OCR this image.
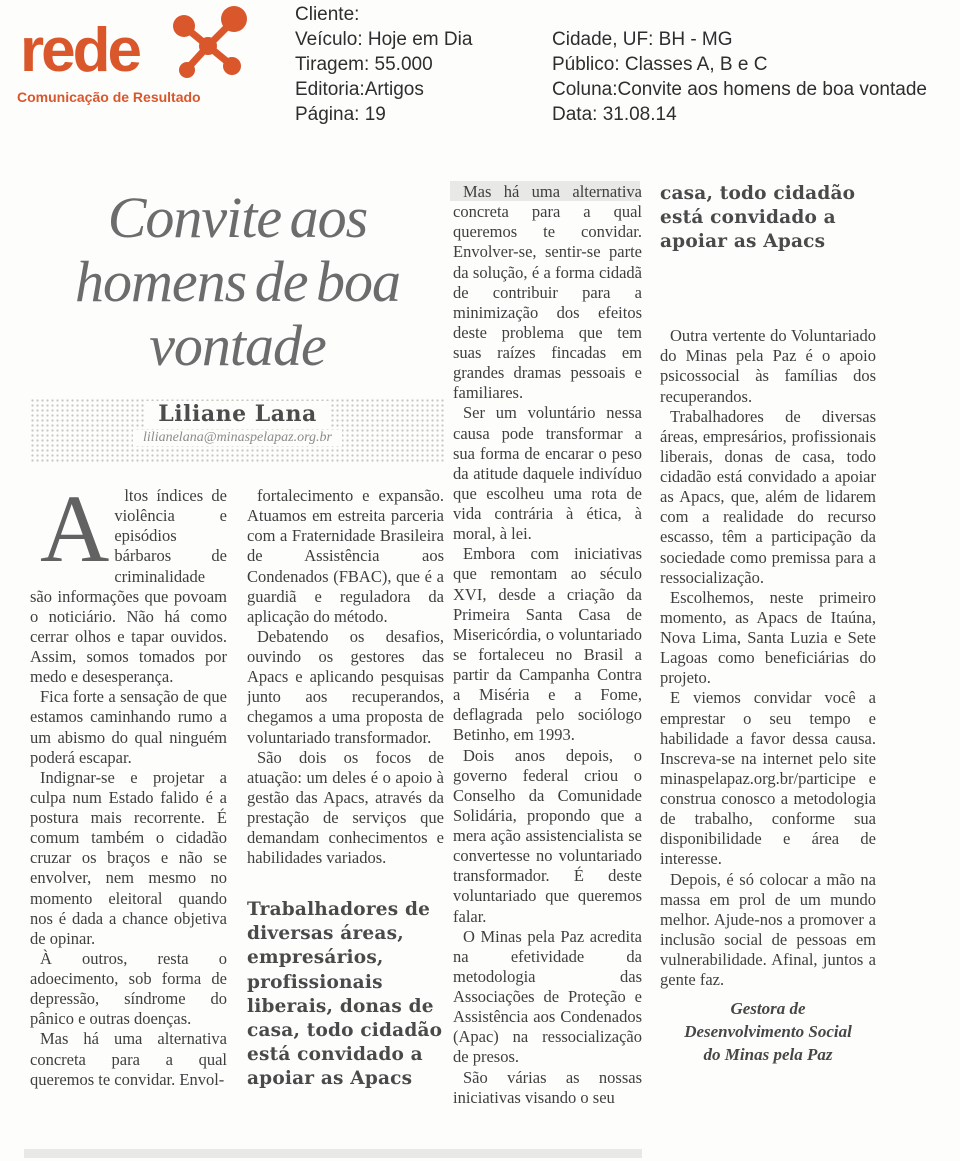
rede
Comunicação de Resultado
Cliente:
Veículo: Hoje em Dia
Tiragem: 55.000
Editoria:Artigos
Página: 19
Cidade, UF: BH - MG
Público: Classes A, B e C
Coluna:Convite aos homens de boa vontade
Data: 31.08.14
Convite aos homens de boa vontade
Liliane Lana
lilianelana@minaspelapaz.org.br

Altos índices de violência e episódios bárbaros de criminalidade são informações que povoam o noticiário. Não há como cerrar olhos e tapar ouvidos. Assim, somos tomados por medo e desesperança.

Fica forte a sensação de que estamos caminhando rumo a um abismo do qual ninguém poderá escapar.

Indignar-se e projetar a culpa num Estado falido é a postura mais recorrente. É comum também o cidadão cruzar os braços e não se envolver, nem mesmo no momento eleitoral quando nos é dada a chance objetiva de opinar.

À outros, resta o adoecimento, sob forma de depressão, síndrome do pânico e outras doenças.

Mas há uma alternativa concreta para a qual queremos te convidar. Envol-

fortalecimento e expansão. Atuamos em estreita parceria com a Fraternidade Brasileira de Assistência aos Condenados (FBAC), que é a guardiã e reguladora da aplicação do método.

Debatendo os desafios, ouvindo os gestores das Apacs e aplicando pesquisas junto aos recuperandos, chegamos a uma proposta de voluntariado transformador.

São dois os focos de atuação: um deles é o apoio à gestão das Apacs, através da prestação de serviços que demandam conhecimentos e habilidades variados.

Trabalhadores de diversas áreas, empresários, profissionais liberais, donas de casa, todo cidadão está convidado a apoiar as Apacs

Mas há uma alternativa concreta para a qual queremos te convidar. Envolver-se, sentir-se parte da solução, é a forma cidadã de contribuir para a minimização dos efeitos deste problema que tem suas raízes fincadas em grandes dramas pessoais e familiares.

Ser um voluntário nessa causa pode transformar a sua forma de encarar o peso da atitude daquele indivíduo que escolheu uma rota de vida contrária à ética, à moral, à lei.

Embora com iniciativas que remontam ao século XVI, desde a criação da Primeira Santa Casa de Misericórdia, o voluntariado se fortaleceu no Brasil a partir da Campanha Contra a Miséria e a Fome, deflagrada pelo sociólogo Betinho, em 1993.

Dois anos depois, o governo federal criou o Conselho da Comunidade Solidária, propondo que a mera ação assistencialista se convertesse no voluntariado transformador. É deste voluntariado que queremos falar.

O Minas pela Paz acredita na efetividade da metodologia das Associações de Proteção e Assistência aos Condenados (Apac) na ressocialização de presos.

São várias as nossas iniciativas visando o seu

casa, todo cidadão está convidado a apoiar as Apacs

Outra vertente do Voluntariado do Minas pela Paz é o apoio psicossocial às famílias dos recuperandos.

Trabalhadores de diversas áreas, empresários, profissionais liberais, donas de casa, todo cidadão está convidado a apoiar as Apacs, que, além de lidarem com a realidade do recurso escasso, têm a participação da sociedade como premissa para a ressocialização.

Escolhemos, neste primeiro momento, as Apacs de Itaúna, Nova Lima, Santa Luzia e Sete Lagoas como beneficiárias do projeto.

E viemos convidar você a emprestar o seu tempo e habilidade a favor dessa causa. Inscreva-se na internet pelo site minaspelapaz.org.br/participe e construa conosco a metodologia de trabalho, conforme sua disponibilidade e área de interesse.

Depois, é só colocar a mão na massa em prol de um mundo melhor. Ajude-nos a promover a inclusão social de pessoas em vulnerabilidade. Afinal, juntos a gente faz.

Gestora de
Desenvolvimento Social
do Minas pela Paz
